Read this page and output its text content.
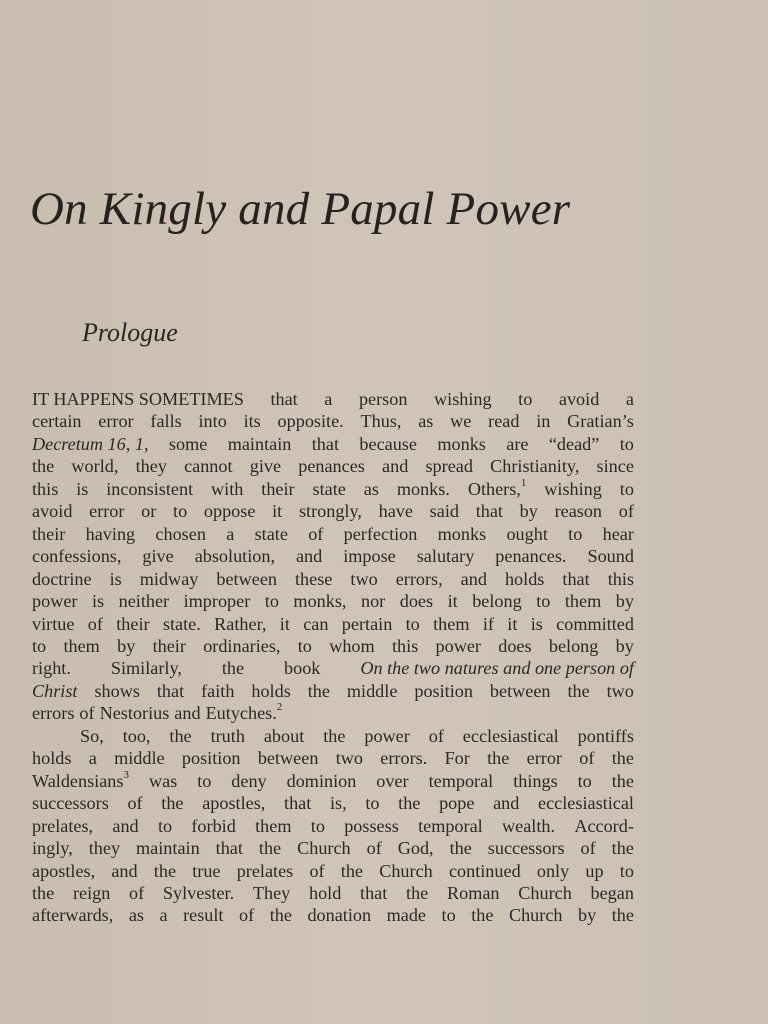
On Kingly and Papal Power
Prologue
IT HAPPENS SOMETIMES that a person wishing to avoid a
certain error falls into its opposite. Thus, as we read in Gratian’s
Decretum 16, 1, some maintain that because monks are “dead” to
the world, they cannot give penances and spread Christianity, since
this is inconsistent with their state as monks. Others,$^1$ wishing to
avoid error or to oppose it strongly, have said that by reason of
their having chosen a state of perfection monks ought to hear
confessions, give absolution, and impose salutary penances. Sound
doctrine is midway between these two errors, and holds that this
power is neither improper to monks, nor does it belong to them by
virtue of their state. Rather, it can pertain to them if it is committed
to them by their ordinaries, to whom this power does belong by
right. Similarly, the book On the two natures and one person of
Christ shows that faith holds the middle position between the two
errors of Nestorius and Eutyches.$^2$
So, too, the truth about the power of ecclesiastical pontiffs
holds a middle position between two errors. For the error of the
Waldensians$^3$ was to deny dominion over temporal things to the
successors of the apostles, that is, to the pope and ecclesiastical
prelates, and to forbid them to possess temporal wealth. Accord-
ingly, they maintain that the Church of God, the successors of the
apostles, and the true prelates of the Church continued only up to
the reign of Sylvester. They hold that the Roman Church began
afterwards, as a result of the donation made to the Church by the
